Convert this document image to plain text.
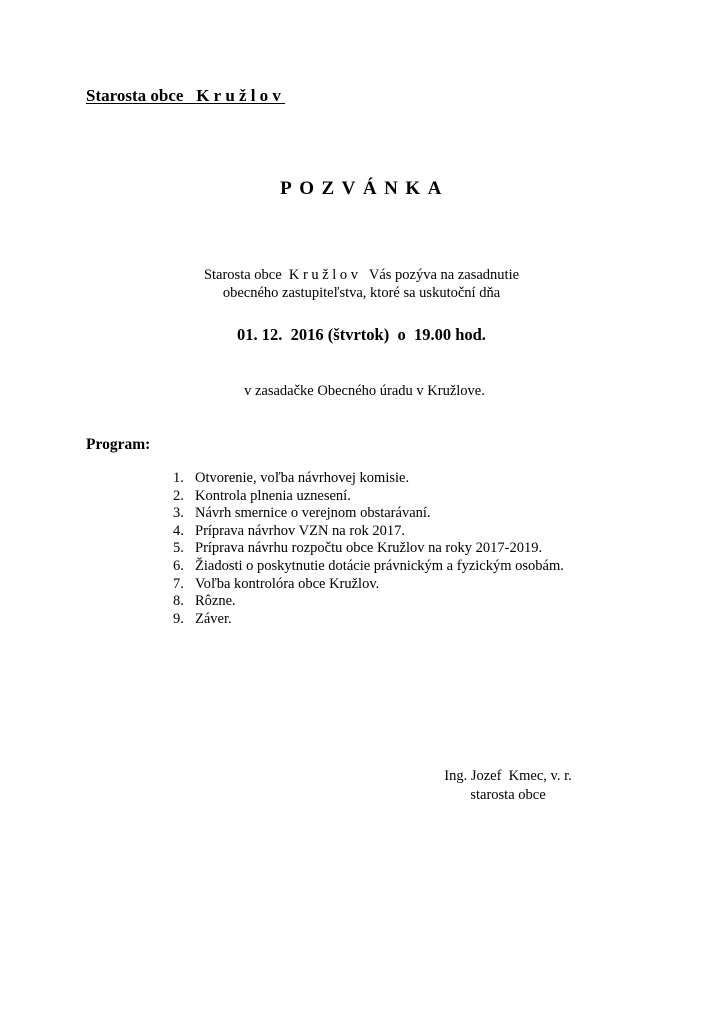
Starosta obce Kružlov
POZVÁNKA
Starosta obce Kružlov Vás pozýva na zasadnutie
obecného zastupiteľstva, ktoré sa uskutoční dňa
01. 12.  2016 (štvrtok)  o  19.00 hod.
v zasadačke Obecného úradu v Kružlove.
Program:
1. Otvorenie, voľba návrhovej komisie.
2. Kontrola plnenia uznesení.
3. Návrh smernice o verejnom obstarávaní.
4. Príprava návrhov VZN na rok 2017.
5. Príprava návrhu rozpočtu obce Kružlov na roky 2017-2019.
6. Žiadosti o poskytnutie dotácie právnickým a fyzickým osobám.
7. Voľba kontrolóra obce Kružlov.
8. Rôzne.
9. Záver.
Ing. Jozef  Kmec, v. r.
starosta obce
